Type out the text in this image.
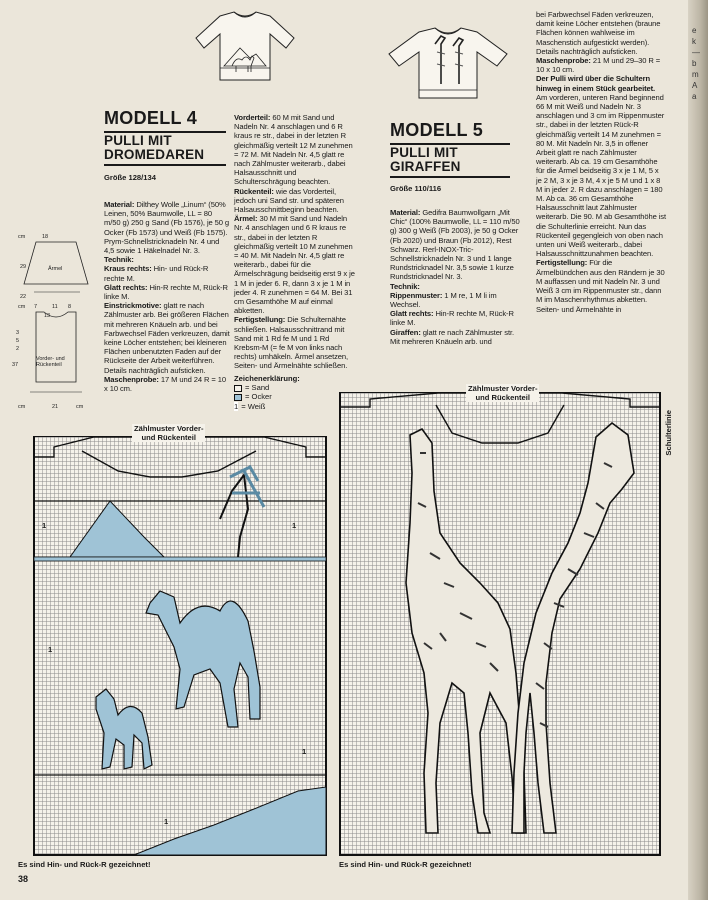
e
k
—
b
m
A
a
MODELL 4
PULLI MIT
DROMEDAREN
Größe 128/134

Material: Dilthey Wolle „Linum“ (50% Leinen, 50% Baumwolle, LL = 80 m/50 g) 250 g Sand (Fb 1576), je 50 g Ocker (Fb 1573) und Weiß (Fb 1575). Prym-Schnellstricknadeln Nr. 4 und 4,5 sowie 1 Häkelnadel Nr. 3.

Technik:

Kraus rechts: Hin- und Rück-R rechte M.

Glatt rechts: Hin-R rechte M, Rück-R linke M.

Einstrickmotive: glatt re nach Zählmuster arb. Bei größeren Flächen mit mehreren Knäueln arb. und bei Farbwechsel Fäden verkreuzen, damit keine Löcher entstehen; bei kleineren Flächen unbenutzten Faden auf der Rückseite der Arbeit weiterführen. Details nachträglich aufsticken.

Maschenprobe: 17 M und 24 R = 10 x 10 cm.

Vorderteil: 60 M mit Sand und Nadeln Nr. 4 anschlagen und 6 R kraus re str., dabei in der letzten R gleichmäßig verteilt 12 M zunehmen = 72 M. Mit Nadeln Nr. 4,5 glatt re nach Zählmuster weiterarb., dabei Halsausschnitt und Schulterschrägung beachten.

Rückenteil: wie das Vorderteil, jedoch uni Sand str. und späteren Halsausschnittbeginn beachten.

Ärmel: 30 M mit Sand und Nadeln Nr. 4 anschlagen und 6 R kraus re str., dabei in der letzten R gleichmäßig verteilt 10 M zunehmen = 40 M. Mit Nadeln Nr. 4,5 glatt re weiterarb., dabei für die Ärmelschrägung beidseitig erst 9 x je 1 M in jeder 6. R, dann 3 x je 1 M in jeder 4. R zunehmen = 64 M. Bei 31 cm Gesamthöhe M auf einmal abketten.

Fertigstellung: Die Schulternähte schließen. Halsausschnittrand mit Sand mit 1 Rd fe M und 1 Rd Krebsm-M (= fe M von links nach rechts) umhäkeln. Ärmel ansetzen, Seiten- und Ärmelnähte schließen.

Zeichenerklärung:
= Sand
= Ocker
1 = Weiß
cm	18
29	Ärmel
22
cm 7	11 8
13
3
5
2
37
Vorder- und Rückenteil
cm	21	cm
1	1
1
1
1
Zählmuster Vorder-
und Rückenteil
Es sind Hin- und Rück-R gezeichnet!
38
MODELL 5
PULLI MIT
GIRAFFEN
Größe 110/116

Material: Gedifra Baumwollgarn „Mit Chic“ (100% Baumwolle, LL = 110 m/50 g) 300 g Weiß (Fb 2003), je 50 g Ocker (Fb 2020) und Braun (Fb 2012), Rest Schwarz. Rerl-INOX-Tric-Schnellstricknadeln Nr. 3 und 1 lange Rundstricknadel Nr. 3,5 sowie 1 kurze Rundstricknadel Nr. 3.

Technik:

Rippenmuster: 1 M re, 1 M li im Wechsel.

Glatt rechts: Hin-R rechte M, Rück-R linke M.

Giraffen: glatt re nach Zählmuster str. Mit mehreren Knäueln arb. und

bei Farbwechsel Fäden verkreuzen, damit keine Löcher entstehen (braune Flächen können wahlweise im Maschenstich aufgestickt werden). Details nachträglich aufsticken.

Maschenprobe: 21 M und 29–30 R = 10 x 10 cm.

Der Pulli wird über die Schultern hinweg in einem Stück gearbeitet.

Am vorderen, unteren Rand beginnend 66 M mit Weiß und Nadeln Nr. 3 anschlagen und 3 cm im Rippenmuster str., dabei in der letzten Rück-R gleichmäßig verteilt 14 M zunehmen = 80 M. Mit Nadeln Nr. 3,5 in offener Arbeit glatt re nach Zählmuster weiterarb. Ab ca. 19 cm Gesamthöhe für die Ärmel beidseitig 3 x je 1 M, 5 x je 2 M, 3 x je 3 M, 4 x je 5 M und 1 x 8 M in jeder 2. R dazu anschlagen = 180 M. Ab ca. 36 cm Gesamthöhe Halsausschnitt laut Zählmuster weiterarb. Die 90. M ab Gesamthöhe ist die Schulterlinie erreicht. Nun das Rückenteil gegengleich von oben nach unten uni Weiß weiterarb., dabei Halsausschnittzunahmen beachten.

Fertigstellung: Für die Ärmelbündchen aus den Rändern je 30 M auffassen und mit Nadeln Nr. 3 und Weiß 3 cm im Rippenmuster str., dann M im Maschenrhythmus abketten. Seiten- und Ärmelnähte in

Zählmuster Vorder-
und Rückenteil
Schulterlinie
Es sind Hin- und Rück-R gezeichnet!
